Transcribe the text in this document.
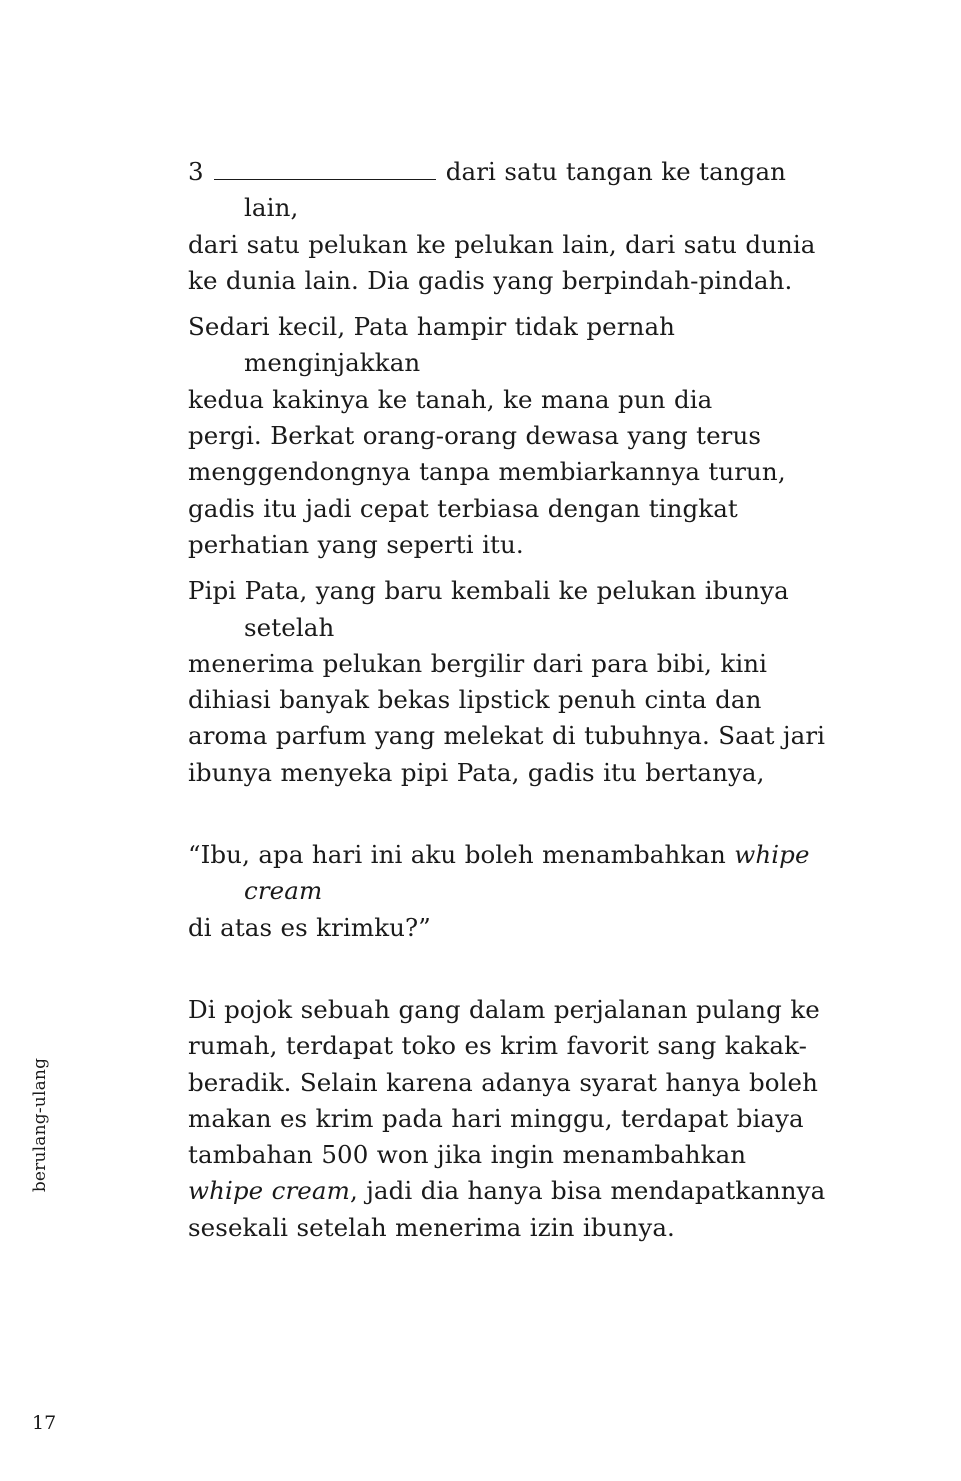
3	dari satu tangan ke tangan lain,
dari satu pelukan ke pelukan lain, dari satu dunia
ke dunia lain. Dia gadis yang berpindah-pindah.

Sedari kecil, Pata hampir tidak pernah menginjakkan
kedua kakinya ke tanah, ke mana pun dia
pergi. Berkat orang-orang dewasa yang terus
menggendongnya tanpa membiarkannya turun,
gadis itu jadi cepat terbiasa dengan tingkat
perhatian yang seperti itu.

Pipi Pata, yang baru kembali ke pelukan ibunya setelah
menerima pelukan bergilir dari para bibi, kini
dihiasi banyak bekas lipstick penuh cinta dan
aroma parfum yang melekat di tubuhnya. Saat jari
ibunya menyeka pipi Pata, gadis itu bertanya,

“Ibu, apa hari ini aku boleh menambahkan whipe cream
di atas es krimku?”

Di pojok sebuah gang dalam perjalanan pulang ke
rumah, terdapat toko es krim favorit sang kakak-
beradik. Selain karena adanya syarat hanya boleh
makan es krim pada hari minggu, terdapat biaya
tambahan 500 won jika ingin menambahkan
whipe cream, jadi dia hanya bisa mendapatkannya
sesekali setelah menerima izin ibunya.

berulang-ulang
17
